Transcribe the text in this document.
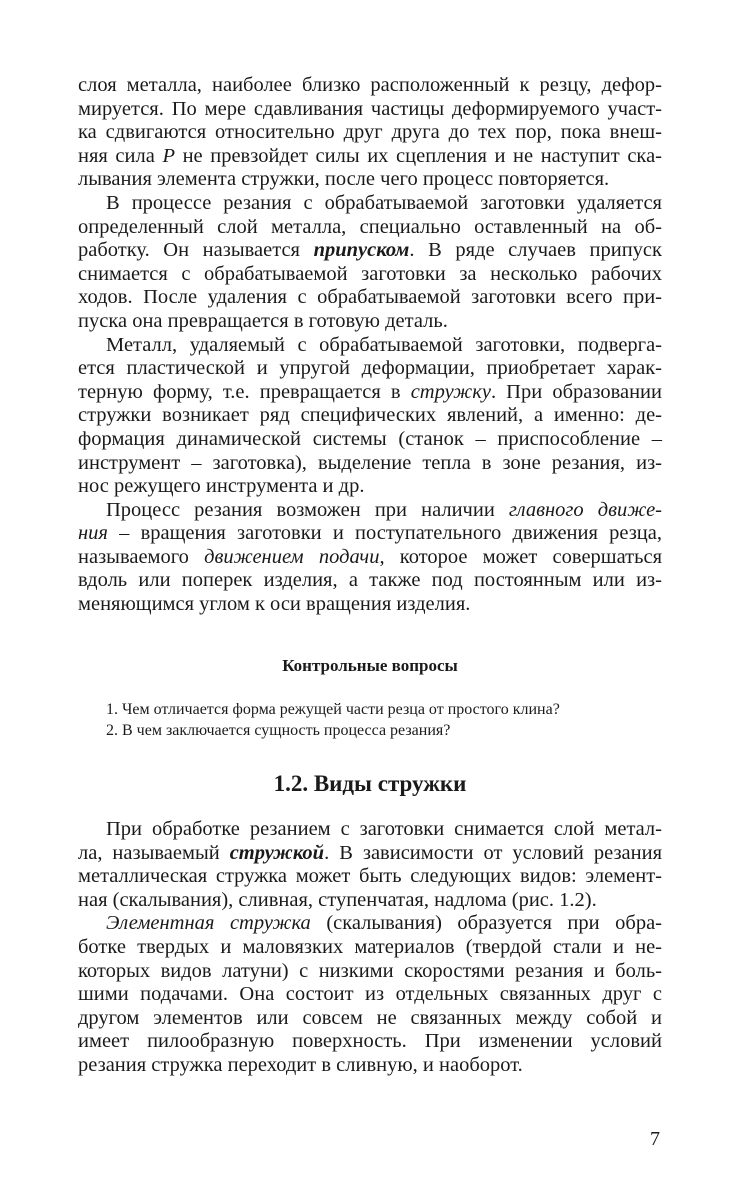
слоя металла, наиболее близко расположенный к резцу, дефор-
мируется. По мере сдавливания частицы деформируемого участ-
ка сдвигаются относительно друг друга до тех пор, пока внеш-
няя сила P не превзойдет силы их сцепления и не наступит ска-
лывания элемента стружки, после чего процесс повторяется.
В процессе резания с обрабатываемой заготовки удаляется
определенный слой металла, специально оставленный на об-
работку. Он называется припуском. В ряде случаев припуск
снимается с обрабатываемой заготовки за несколько рабочих
ходов. После удаления с обрабатываемой заготовки всего при-
пуска она превращается в готовую деталь.
Металл, удаляемый с обрабатываемой заготовки, подверга-
ется пластической и упругой деформации, приобретает харак-
терную форму, т.е. превращается в стружку. При образовании
стружки возникает ряд специфических явлений, а именно: де-
формация динамической системы (станок – приспособление –
инструмент – заготовка), выделение тепла в зоне резания, из-
нос режущего инструмента и др.
Процесс резания возможен при наличии главного движе-
ния – вращения заготовки и поступательного движения резца,
называемого движением подачи, которое может совершаться
вдоль или поперек изделия, а также под постоянным или из-
меняющимся углом к оси вращения изделия.
Контрольные вопросы
1. Чем отличается форма режущей части резца от простого клина?
2. В чем заключается сущность процесса резания?
1.2. Виды стружки
При обработке резанием с заготовки снимается слой метал-
ла, называемый стружкой. В зависимости от условий резания
металлическая стружка может быть следующих видов: элемент-
ная (скалывания), сливная, ступенчатая, надлома (рис. 1.2).
Элементная стружка (скалывания) образуется при обра-
ботке твердых и маловязких материалов (твердой стали и не-
которых видов латуни) с низкими скоростями резания и боль-
шими подачами. Она состоит из отдельных связанных друг с
другом элементов или совсем не связанных между собой и
имеет пилообразную поверхность. При изменении условий
резания стружка переходит в сливную, и наоборот.
7
